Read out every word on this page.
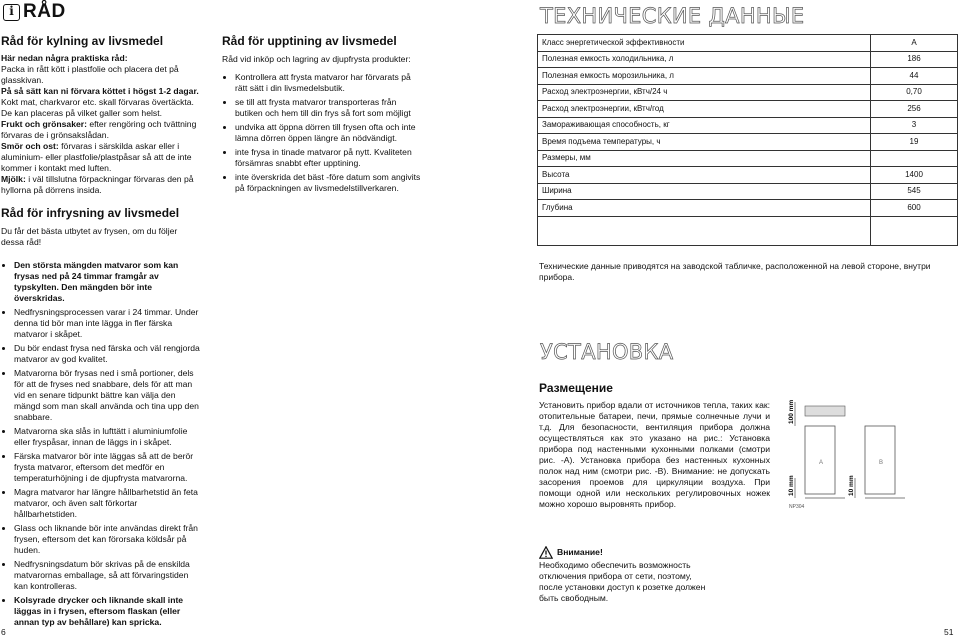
i RÅD
Råd för kylning av livsmedel

Här nedan några praktiska råd:

Packa in rått kött i plastfolie och placera det på glasskivan.

På så sätt kan ni förvara köttet i högst 1-2 dagar.

Kokt mat, charkvaror etc. skall förvaras övertäckta. De kan placeras på vilket galler som helst.

Frukt och grönsaker: efter rengöring och tvättning förvaras de i grönsakslådan.

Smör och ost: förvaras i särskilda askar eller i aluminium- eller plastfolie/plastpåsar så att de inte kommer i kontakt med luften.

Mjölk: i väl tillslutna förpackningar förvaras den på hyllorna på dörrens insida.

Råd för infrysning av livsmedel

Du får det bästa utbytet av frysen, om du följer dessa råd!

Den största mängden matvaror som kan frysas ned på 24 timmar framgår av typskylten. Den mängden bör inte överskridas.
Nedfrysningsprocessen varar i 24 timmar. Under denna tid bör man inte lägga in fler färska matvaror i skåpet.
Du bör endast frysa ned färska och väl rengjorda matvaror av god kvalitet.
Matvarorna bör frysas ned i små portioner, dels för att de fryses ned snabbare, dels för att man vid en senare tidpunkt bättre kan välja den mängd som man skall använda och tina upp den snabbare.
Matvarorna ska slås in lufttätt i aluminiumfolie eller fryspåsar, innan de läggs in i skåpet.
Färska matvaror bör inte läggas så att de berör frysta matvaror, eftersom det medför en temperaturhöjning i de djupfrysta matvarorna.
Magra matvaror har längre hållbarhetstid än feta matvaror, och även salt förkortar hållbarhetstiden.
Glass och liknande bör inte användas direkt från frysen, eftersom det kan förorsaka köldsår på huden.
Nedfrysningsdatum bör skrivas på de enskilda matvarornas emballage, så att förvaringstiden kan kontrolleras.
Kolsyrade drycker och liknande skall inte läggas in i frysen, eftersom flaskan (eller annan typ av behållare) kan spricka.
Råd för upptining av livsmedel

Råd vid inköp och lagring av djupfrysta produkter:

Kontrollera att frysta matvaror har förvarats på rätt sätt i din livsmedelsbutik.
se till att frysta matvaror transporteras från butiken och hem till din frys så fort som möjligt
undvika att öppna dörren till frysen ofta och inte lämna dörren öppen längre än nödvändigt.
inte frysa in tinade matvaror på nytt. Kvaliteten försämras snabbt efter upptining.
inte överskrida det bäst -före datum som angivits på förpackningen av livsmedelstillverkaren.
ТЕХНИЧЕСКИЕ ДАННЫЕ
Класс энергетической эффективности	A
Полезная емкость холодильника, л	186
Полезная емкость морозильника, л	44
Расход электроэнергии, кВтч/24 ч	0,70
Расход электроэнергии, кВтч/год	256
Замораживающая способность, кг	3
Время подъема температуры, ч	19
Размеры, мм	
Высота	1400
Ширина	545
Глубина	600

Технические данные приводятся на заводской табличке, расположенной на левой стороне, внутри прибора.

УСТАНОВКА
Размещение

Установить прибор вдали от источников тепла, таких как: отопительные батареи, печи, прямые солнечные лучи и т.д. Для безопасности, вентиляция прибора должна осуществляться как это указано на рис.: Установка прибора под настенными кухонными полками (смотри рис. -A). Установка прибора без настенных кухонных полок над ним (смотри рис. -B). Внимание: не допускать засорения проемов для циркуляции воздуха. При помощи одной или нескольких регулировочных ножек можно хорошо выровнять прибор.

100 mm
10 mm
A
10 mm
B
NP304
Внимание!

Необходимо обеспечить возможность отключения прибора от сети, поэтому, после установки доступ к розетке должен быть свободным.

6	51
